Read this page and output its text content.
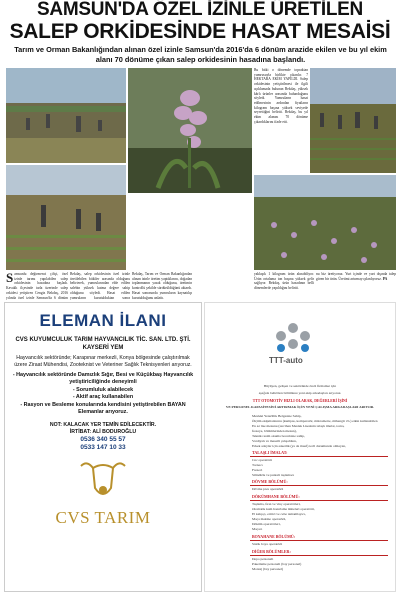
SAMSUN'DA ÖZEL İZİNLE ÜRETİLEN
SALEP ORKİDESİNDE HASAT MESAİSİ
Tarım ve Orman Bakanlığından alınan özel izinle Samsun'da 2016'da 6 dönüm arazide ekilen ve bu yıl ekim alanı 70 dönüme çıkan salep orkidesinin hasadına başlandı.
Bu bitki o dönemde topraktan yumrusuyla birlikte çıkarılır. 7 HEKTARA EKİM YAPILDI. Salep orkidesinin yetiştirilmesi ile ilgili açıklamada bulunan Bekdaş, yüksek kârlı ürünler arasında bulunduğunu söyledi. Yumruların hasat edilmesinin ardından fiyatların kilogram başına yüksek seviyede seyrettiğini belirtti. Bekdaş, bu yıl ekim alanını 70 dönüme çıkardıklarını ifade etti.
Samsunlu değirmenci çiftçi, özel izinle tarımı yapılabilen salep orkidesinin hasadına başladı. Kavaklı ilçesinde tarla üzerinde salep orkidesi yetiştiren Cengiz Bekdaş, 2016 yılında özel izinle Samsun'da 6 dönüm
Bekdaş, salep orkidesinin özel izinle üretilebilen bitkiler arasında olduğunu belirterek, yumrularından elde edilen salebin yüksek katma değere sahip olduğunu söyledi. Hasat edilen yumruların kurutulduktan sonra
Bekdaş, Tarım ve Orman Bakanlığından alınan izinle üretim yaptıklarını, doğadan toplanmanın yasak olduğunu, üretimin kontrollü şekilde sürdürüldüğünü aktardı. Hasat sonrasında yumruların kaynatılıp kurutulduğunu anlattı.
yaklaşık 1 kilogram ürün alınabiliyor. Ürün ortalama ton başına yüksek gelir sağlıyor. Bekdaş, ürün hasadının belli dönemlerde yapıldığını belirtti.
nu biz üretiyoruz. Yurt içinde ve yurt dışında talep gören bir ürün. Üretimi artırmayı planlıyoruz. PA
ELEMAN İLANI
CVS KUYUMCULUK TARIM HAYVANCILIK TİC. SAN. LTD. ŞTİ. KAYSERİ YEM
Hayvancılık sektöründe; Karapınar merkezli, Konya bölgesinde çalıştırılmak üzere Ziraat Mühendisi, Zooteknist ve Veteriner Sağlık Teknisyenleri arıyoruz.
- Hayvancılık sektöründe Damızlık Sığır, Besi ve Küçükbaş Hayvancılık yetiştiriciliğinde deneyimli
- Sorumluluk alabilecek
- Aktif araç kullanabilen
- Rasyon ve Besleme konularında kendisini yetiştirebilen BAYAN Elemanlar arıyoruz.
NOT: KALACAK YER TEMİN EDİLECEKTİR.
İRTİBAT: ALİ BODUROĞLU
0536 340 55 57
0533 147 10 33
CVS TARIM
TTT-auto
Büyüyen, gelişen ve sektöründe öncü firmamız için
aşağıda belirtilen bölümlere yeni ekip arkadaşları arıyoruz.
TTT OTOMOTİV HIZLI OLARAK, DEĞERLERİ İŞİNİ
VE PERSONEL KAPASİTESİNİ ARTIRMAK İÇİN YENİ ÇALIŞMA ARKADAŞLARI ARIYOR.
Mesleki Yeterlilik Belgesine Sahip,
Ölçüm ekipmanlarını (kumpas, komparatör, mikrometre, mihengir vb.) etkin kullanabilen
En az lise mezunu (tercihen Meslek Lisesinin talaşlı imalat, torna,
frezeye, bölümlerinden mezun),
Teknik resim okuma becerisine sahip,
Vardiyalı ve mesaili çalışabilen,
Erkek adaylar için askerlik (ya da muaf) tecil durumunda olmayan,
TALAŞLI İMALAT:
Cnc operatörü
Tornacı
Frezeci
Silindirik ve puntali taşlamacı
DÖVME BÖLÜMÜ:
Dövme pres operatörü
DÖKÜMHANE BÖLÜMÜ:
Taşlama, fırın ve vinç operatörleri,
Otomatik kum hazırlama üniteleri operatörü,
El kalıpçı, eritici ve cebe tamamlayıcı,
Maça makine operatörü,
Döküm operatörleri,
Maçacı
BOYAHANE BÖLÜMÜ:
Statik boya operatörü
DİĞER BÖLÜMLER:
Depo personeli
Paketleme personeli (bay personel)
Montaj (bay personel)
